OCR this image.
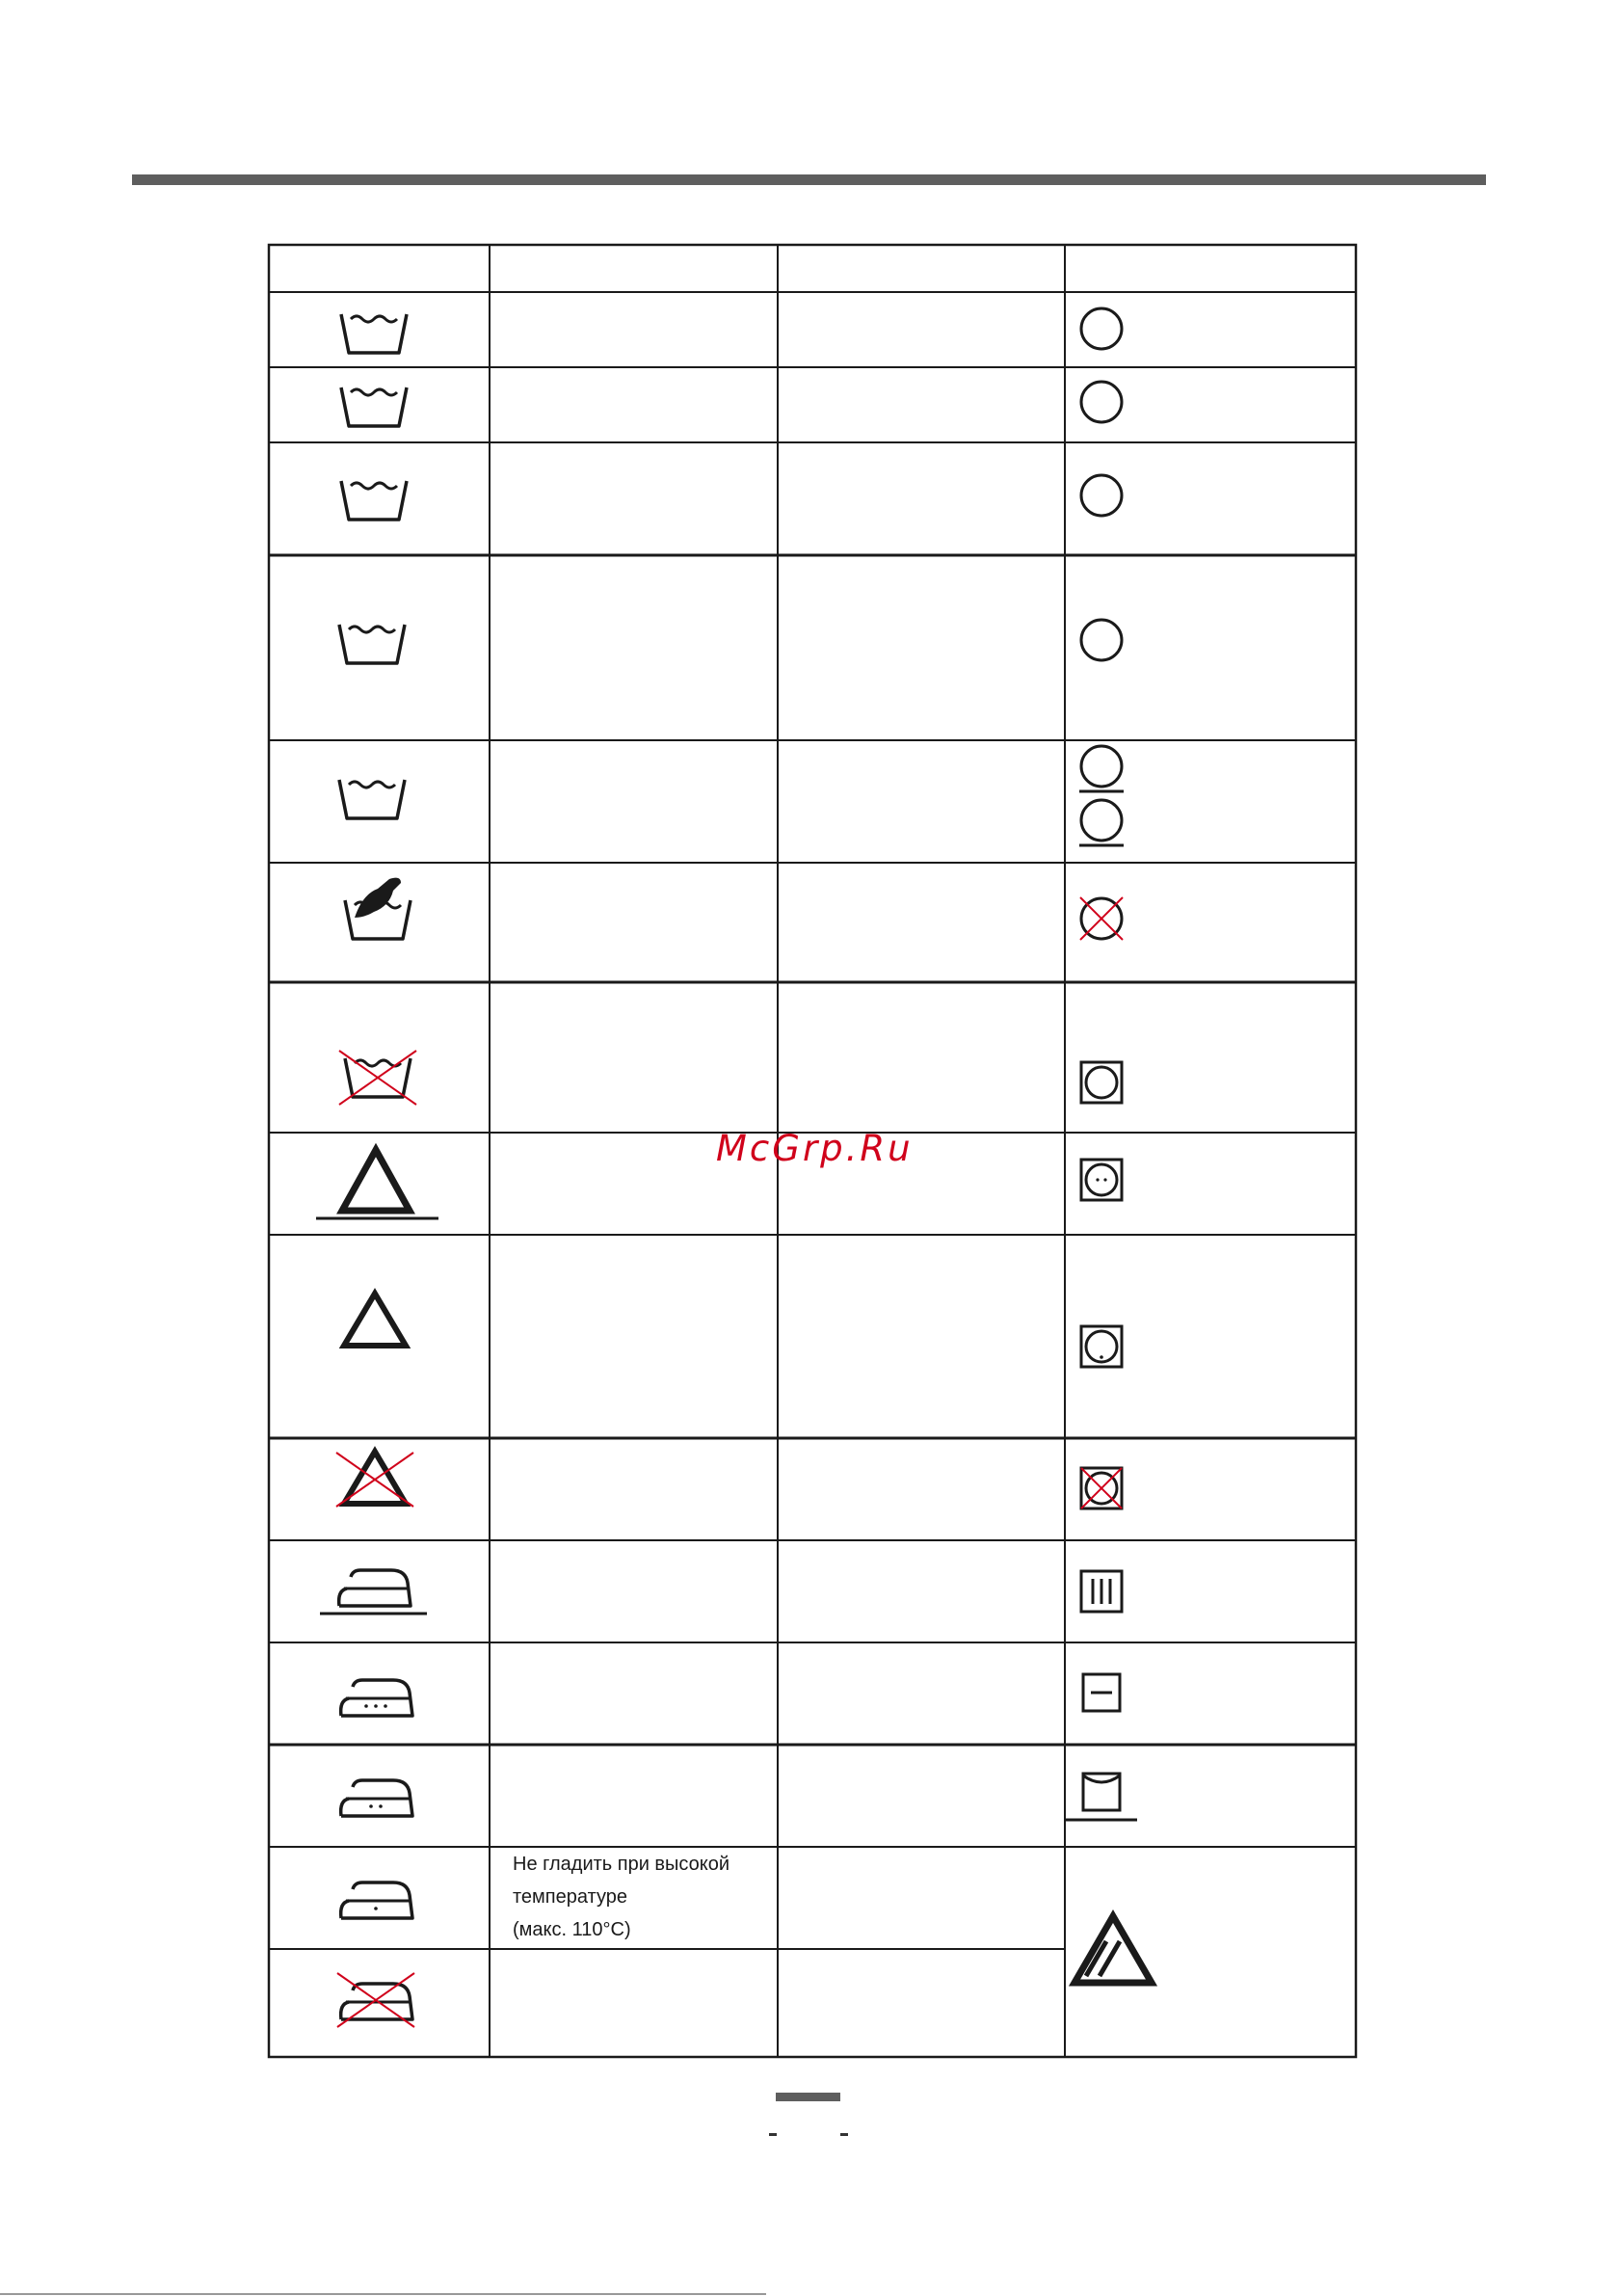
Не гладить при высокой
температуре
(макс. 110°C)
McGrp.Ru
